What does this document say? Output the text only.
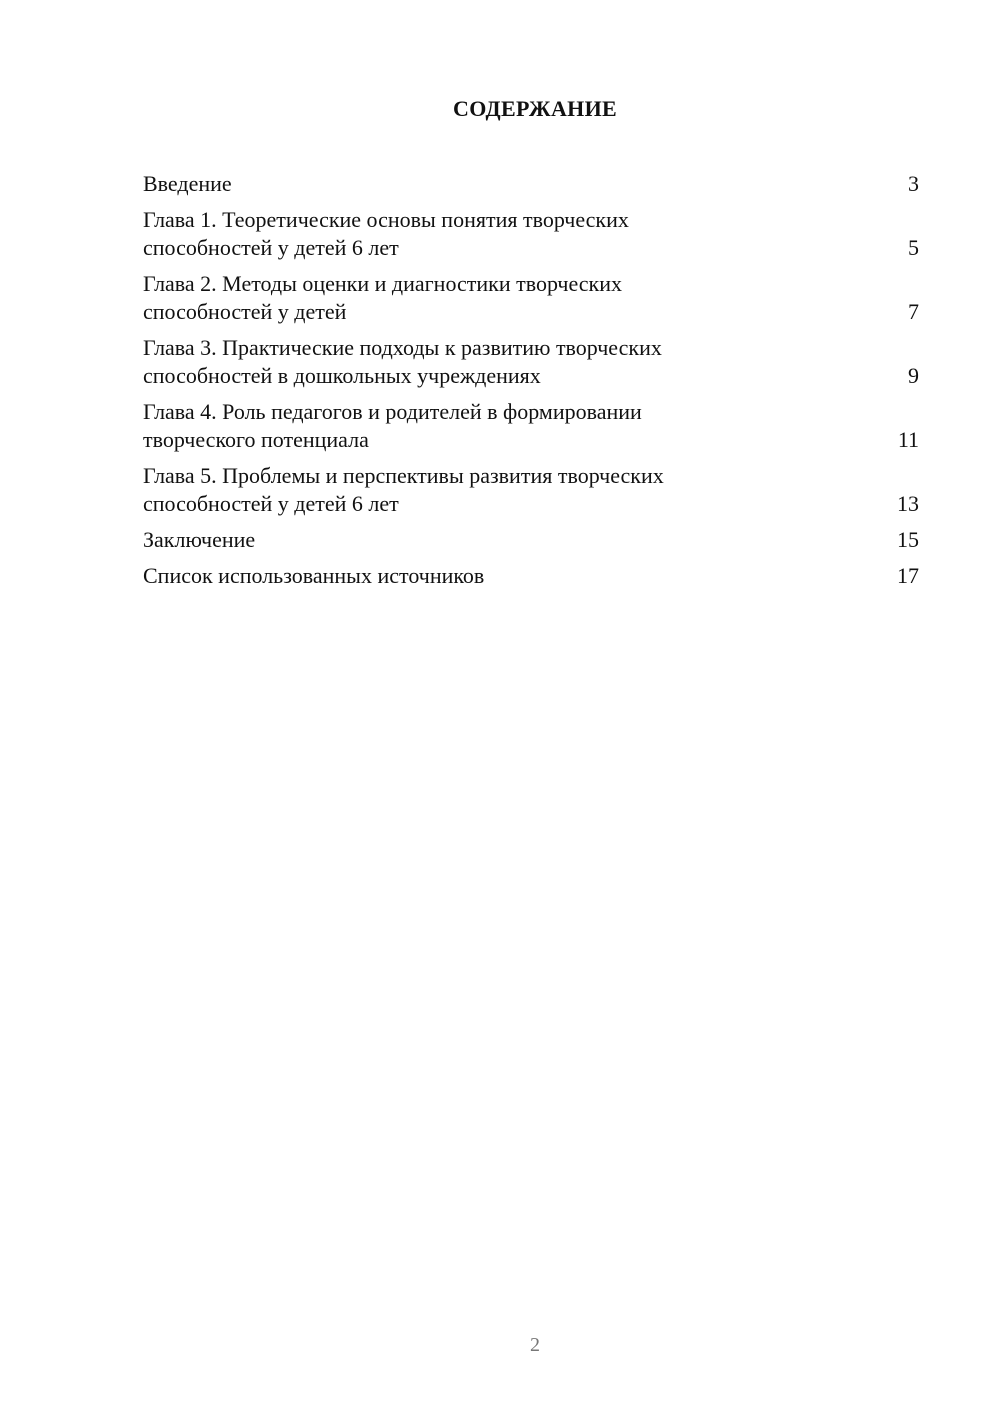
СОДЕРЖАНИЕ
Введение	3
Глава 1. Теоретические основы понятия творческих
способностей у детей 6 лет	5
Глава 2. Методы оценки и диагностики творческих
способностей у детей	7
Глава 3. Практические подходы к развитию творческих
способностей в дошкольных учреждениях	9
Глава 4. Роль педагогов и родителей в формировании
творческого потенциала	11
Глава 5. Проблемы и перспективы развития творческих
способностей у детей 6 лет	13
Заключение	15
Список использованных источников	17
2
